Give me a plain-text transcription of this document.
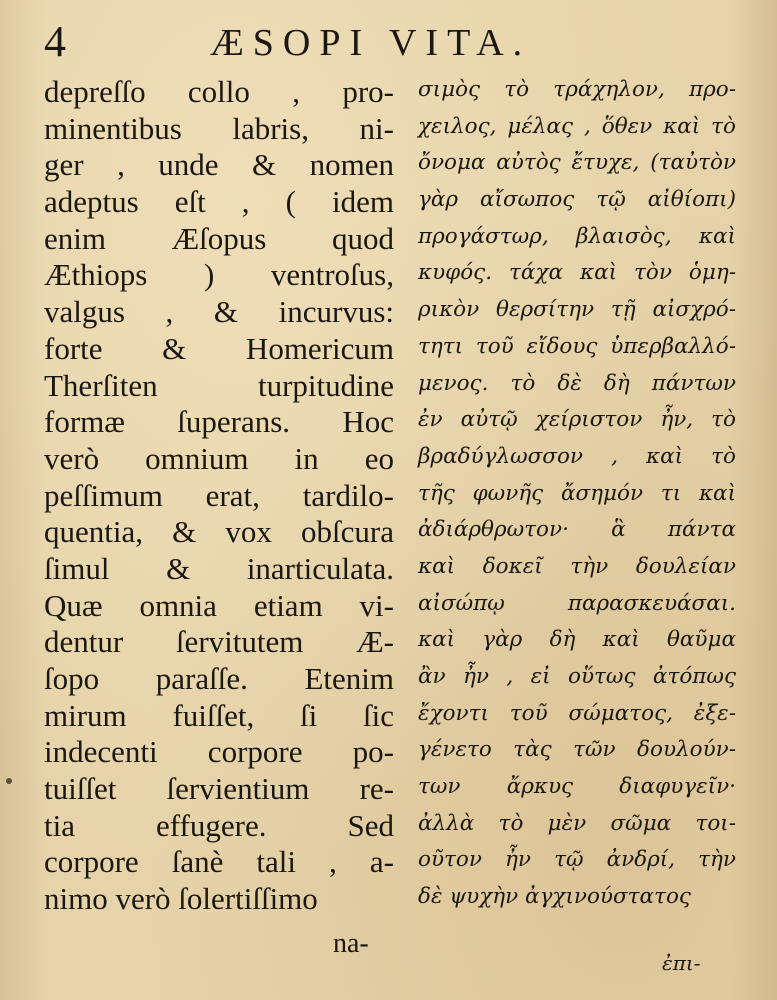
4	ÆSOPI VITA.
depreſſo collo , pro-
minentibus labris, ni-
ger , unde & nomen
adeptus eſt , ( idem
enim Æſopus quod
Æthiops ) ventroſus,
valgus , & incurvus:
forte & Homericum
Therſiten turpitudine
formæ ſuperans. Hoc
verò omnium in eo
peſſimum erat, tardilo-
quentia, & vox obſcura
ſimul & inarticulata.
Quæ omnia etiam vi-
dentur ſervitutem Æ-
ſopo paraſſe. Etenim
mirum fuiſſet, ſi ſic
indecenti corpore po-
tuiſſet ſervientium re-
tia effugere. Sed
corpore ſanè tali , a-
nimo verò ſolertiſſimo
na-
σιμὸς τὸ τράχηλον, προ-
χειλος, μέλας , ὅθεν καὶ τὸ
ὄνομα αὐτὸς ἔτυχε, (ταὐτὸν
γὰρ αἴσωπος τῷ αἰθίοπι)
προγάστωρ, βλαισὸς, καὶ
κυφός. τάχα καὶ τὸν ὁμη-
ρικὸν θερσίτην τῇ αἰσχρό-
τητι τοῦ εἴδους ὑπερβαλλό-
μενος. τὸ δὲ δὴ πάντων
ἐν αὐτῷ χείριστον ἦν, τὸ
βραδύγλωσσον , καὶ τὸ
τῆς φωνῆς ἄσημόν τι καὶ
ἀδιάρθρωτον· ἃ πάντα
καὶ δοκεῖ τὴν δουλείαν
αἰσώπῳ παρασκευάσαι.
καὶ γὰρ δὴ καὶ θαῦμα
ἂν ἦν , εἰ οὕτως ἀτόπως
ἔχοντι τοῦ σώματος, ἐξε-
γένετο τὰς τῶν δουλούν-
των ἄρκυς διαφυγεῖν·
ἀλλὰ τὸ μὲν σῶμα τοι-
οῦτον ἦν τῷ ἀνδρί, τὴν
δὲ ψυχὴν ἀγχινούστατος
ἐπι-
